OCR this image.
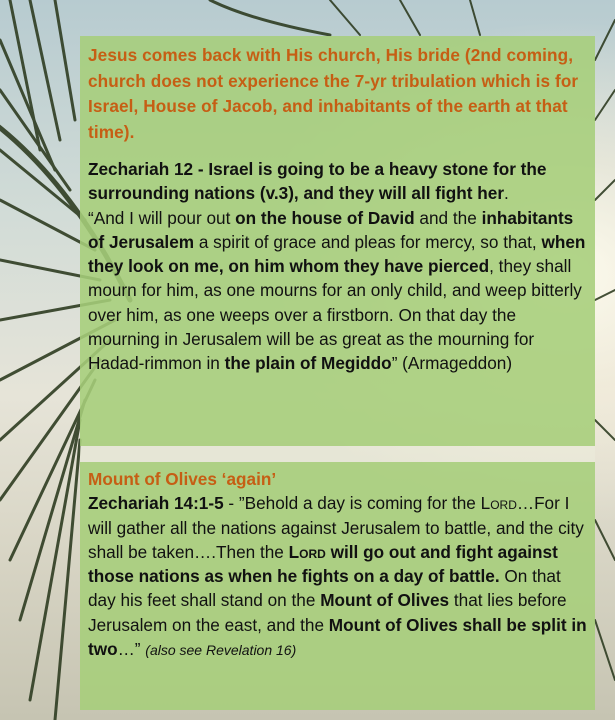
Jesus comes back with His church, His bride (2nd coming, church does not experience the 7-yr tribulation which is for Israel, House of Jacob, and inhabitants of the earth at that time).

Zechariah 12 - Israel is going to be a heavy stone for the surrounding nations (v.3), and they will all fight her.
“And I will pour out on the house of David and the inhabitants of Jerusalem a spirit of grace and pleas for mercy, so that, when they look on me, on him whom they have pierced, they shall mourn for him, as one mourns for an only child, and weep bitterly over him, as one weeps over a firstborn. On that day the mourning in Jerusalem will be as great as the mourning for Hadad-rimmon in the plain of Megiddo” (Armageddon)

Mount of Olives ‘again’

Zechariah 14:1-5 - ”Behold a day is coming for the Lord…For I will gather all the nations against Jerusalem to battle, and the city shall be taken….Then the Lord will go out and fight against those nations as when he fights on a day of battle. On that day his feet shall stand on the Mount of Olives that lies before Jerusalem on the east, and the Mount of Olives shall be split in two…” (also see Revelation 16)
